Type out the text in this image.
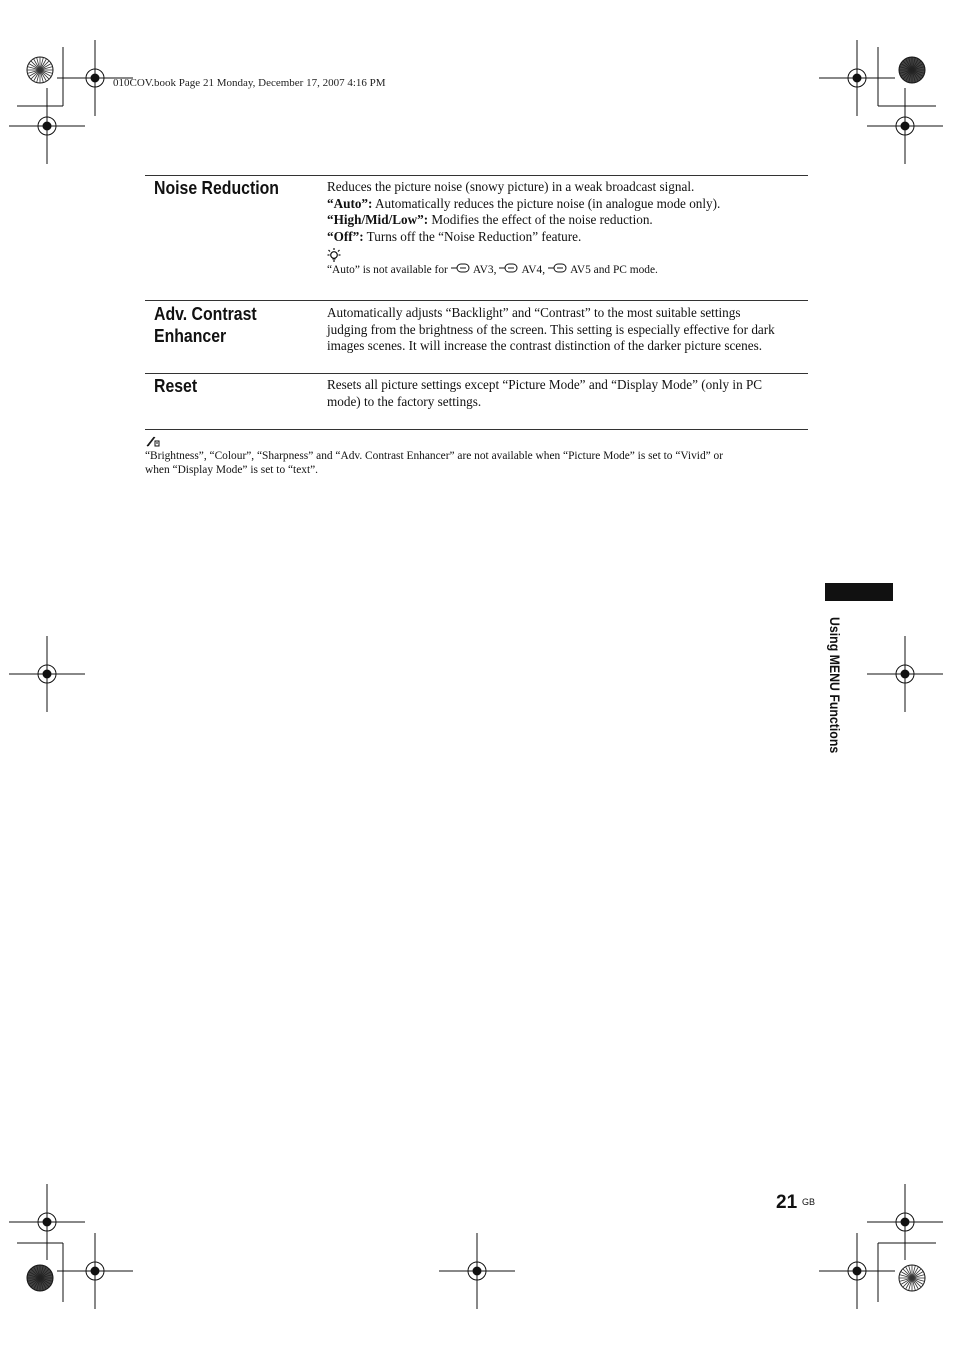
010COV.book Page 21 Monday, December 17, 2007 4:16 PM
Noise Reduction	Reduces the picture noise (snowy picture) in a weak broadcast signal.

“Auto”: Automatically reduces the picture noise (in analogue mode only).

“High/Mid/Low”: Modifies the effect of the noise reduction.

“Off”: Turns off the “Noise Reduction” feature.

“Auto” is not available for AV3, AV4, AV5 and PC mode.

Adv. Contrast
Enhancer

Automatically adjusts “Backlight” and “Contrast” to the most suitable settings

judging from the brightness of the screen. This setting is especially effective for dark

images scenes. It will increase the contrast distinction of the darker picture scenes.

Reset	Resets all picture settings except “Picture Mode” and “Display Mode” (only in PC

mode) to the factory settings.

“Brightness”, “Colour”, “Sharpness” and “Adv. Contrast Enhancer” are not available when “Picture Mode” is set to “Vivid” or
when “Display Mode” is set to “text”.
Using MENU Functions
21 GB
